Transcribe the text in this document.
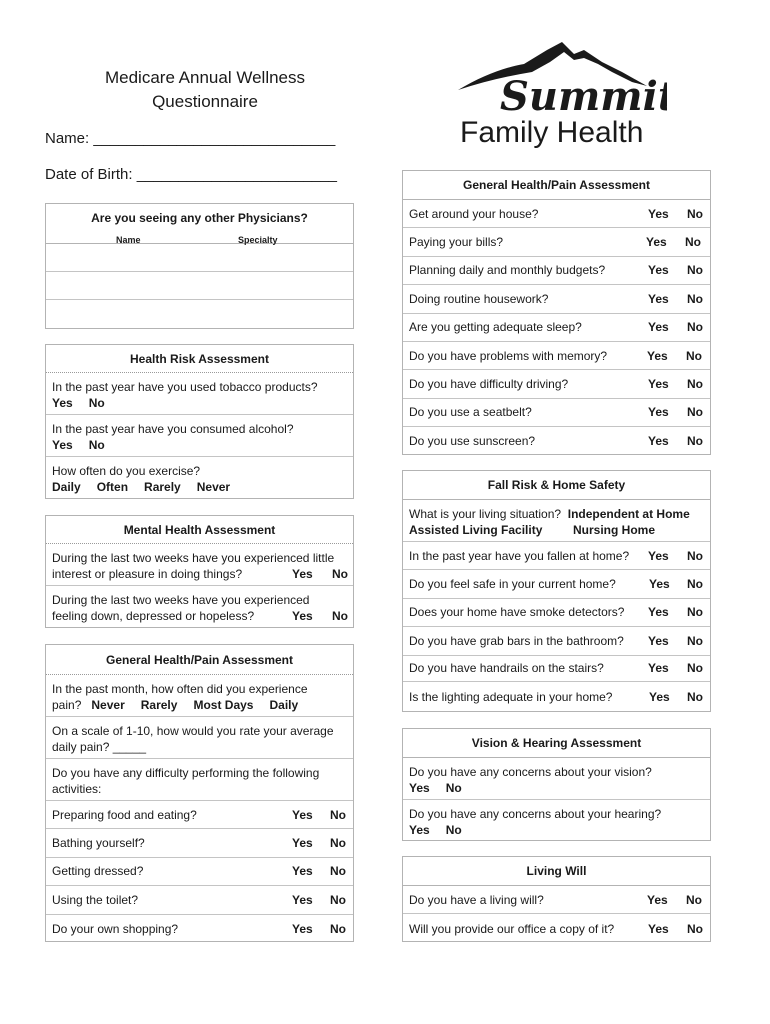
Medicare Annual Wellness
Questionnaire
Name: _____________________________
Date of Birth: ________________________
Summit
Family Health
Are you seeing any other Physicians?
Name	Specialty
Health Risk Assessment
In the past year have you used tobacco products?
Yes No
In the past year have you consumed alcohol?
Yes No
How often do you exercise?
Daily Often Rarely Never
Mental Health Assessment
During the last two weeks have you experienced little
interest or pleasure in doing things?	Yes No
During the last two weeks have you experienced
feeling down, depressed or hopeless?	Yes No
General Health/Pain Assessment
In the past month, how often did you experience
pain? Never Rarely Most Days Daily
On a scale of 1-10, how would you rate your average
daily pain? _____
Do you have any difficulty performing the following
activities:
Preparing food and eating?	Yes No
Bathing yourself?	Yes No
Getting dressed?	Yes No
Using the toilet?	Yes No
Do your own shopping?	Yes No
General Health/Pain Assessment
Get around your house?	Yes No
Paying your bills?	Yes No
Planning daily and monthly budgets?	Yes No
Doing routine housework?	Yes No
Are you getting adequate sleep?	Yes No
Do you have problems with memory?	Yes No
Do you have difficulty driving?	Yes No
Do you use a seatbelt?	Yes No
Do you use sunscreen?	Yes No
Fall Risk & Home Safety
What is your living situation? Independent at Home
Assisted Living Facility	Nursing Home
In the past year have you fallen at home?	Yes No
Do you feel safe in your current home?	Yes No
Does your home have smoke detectors?	Yes No
Do you have grab bars in the bathroom?	Yes No
Do you have handrails on the stairs?	Yes No
Is the lighting adequate in your home?	Yes No
Vision & Hearing Assessment
Do you have any concerns about your vision?
Yes No
Do you have any concerns about your hearing?
Yes No
Living Will
Do you have a living will?	Yes No
Will you provide our office a copy of it?	Yes No
